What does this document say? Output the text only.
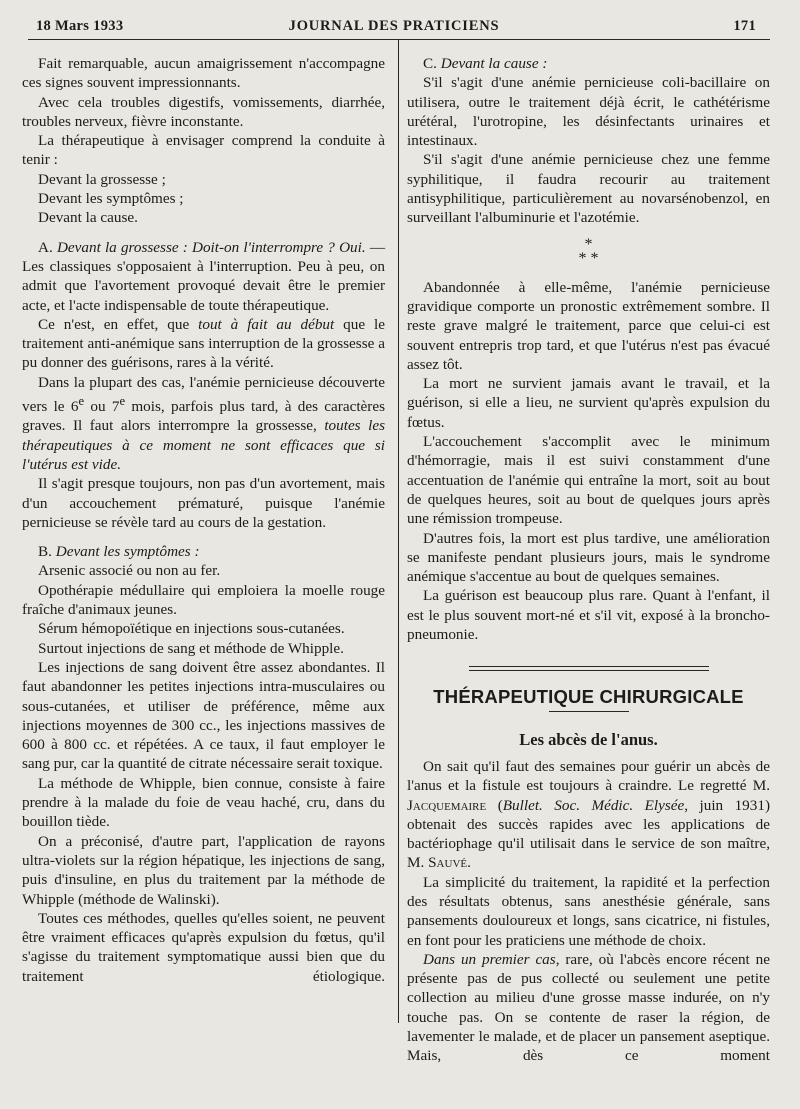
18 Mars 1933	JOURNAL DES PRATICIENS	171

Fait remarquable, aucun amaigrissement n'accompagne ces signes souvent impressionnants.

Avec cela troubles digestifs, vomissements, diarrhée, troubles nerveux, fièvre inconstante.

La thérapeutique à envisager comprend la conduite à tenir :

Devant la grossesse ;

Devant les symptômes ;

Devant la cause.

A. Devant la grossesse : Doit-on l'interrompre ? Oui. — Les classiques s'opposaient à l'interruption. Peu à peu, on admit que l'avortement provoqué devait être le premier acte, et l'acte indispensable de toute thérapeutique.

Ce n'est, en effet, que tout à fait au début que le traitement anti-anémique sans interruption de la grossesse a pu donner des guérisons, rares à la vérité.

Dans la plupart des cas, l'anémie pernicieuse découverte vers le 6e ou 7e mois, parfois plus tard, à des caractères graves. Il faut alors interrompre la grossesse, toutes les thérapeutiques à ce moment ne sont efficaces que si l'utérus est vide.

Il s'agit presque toujours, non pas d'un avortement, mais d'un accouchement prématuré, puisque l'anémie pernicieuse se révèle tard au cours de la gestation.

B. Devant les symptômes :

Arsenic associé ou non au fer.

Opothérapie médullaire qui emploiera la moelle rouge fraîche d'animaux jeunes.

Sérum hémopoïétique en injections sous-cutanées.

Surtout injections de sang et méthode de Whipple.

Les injections de sang doivent être assez abondantes. Il faut abandonner les petites injections intra-musculaires ou sous-cutanées, et utiliser de préférence, même aux injections moyennes de 300 cc., les injections massives de 600 à 800 cc. et répétées. A ce taux, il faut employer le sang pur, car la quantité de citrate nécessaire serait toxique.

La méthode de Whipple, bien connue, consiste à faire prendre à la malade du foie de veau haché, cru, dans du bouillon tiède.

On a préconisé, d'autre part, l'application de rayons ultra-violets sur la région hépatique, les injections de sang, puis d'insuline, en plus du traitement par la méthode de Whipple (méthode de Walinski).

Toutes ces méthodes, quelles qu'elles soient, ne peuvent être vraiment efficaces qu'après expulsion du fœtus, qu'il s'agisse du traitement symptomatique aussi bien que du traitement étiologique.

C. Devant la cause :

S'il s'agit d'une anémie pernicieuse coli-bacillaire on utilisera, outre le traitement déjà écrit, le cathétérisme urétéral, l'urotropine, les désinfectants urinaires et intestinaux.

S'il s'agit d'une anémie pernicieuse chez une femme syphilitique, il faudra recourir au traitement antisyphilitique, particulièrement au novarsénobenzol, en surveillant l'albuminurie et l'azotémie.

*
* *

Abandonnée à elle-même, l'anémie pernicieuse gravidique comporte un pronostic extrêmement sombre. Il reste grave malgré le traitement, parce que celui-ci est souvent entrepris trop tard, et que l'utérus n'est pas évacué assez tôt.

La mort ne survient jamais avant le travail, et la guérison, si elle a lieu, ne survient qu'après expulsion du fœtus.

L'accouchement s'accomplit avec le minimum d'hémorragie, mais il est suivi constamment d'une accentuation de l'anémie qui entraîne la mort, soit au bout de quelques heures, soit au bout de quelques jours après une rémission trompeuse.

D'autres fois, la mort est plus tardive, une amélioration se manifeste pendant plusieurs jours, mais le syndrome anémique s'accentue au bout de quelques semaines.

La guérison est beaucoup plus rare. Quant à l'enfant, il est le plus souvent mort-né et s'il vit, exposé à la broncho-pneumonie.

THÉRAPEUTIQUE CHIRURGICALE
Les abcès de l'anus.

On sait qu'il faut des semaines pour guérir un abcès de l'anus et la fistule est toujours à craindre. Le regretté M. Jacquemaire (Bullet. Soc. Médic. Elysée, juin 1931) obtenait des succès rapides avec les applications de bactériophage qu'il utilisait dans le service de son maître, M. Sauvé.

La simplicité du traitement, la rapidité et la perfection des résultats obtenus, sans anesthésie générale, sans pansements douloureux et longs, sans cicatrice, ni fistules, en font pour les praticiens une méthode de choix.

Dans un premier cas, rare, où l'abcès encore récent ne présente pas de pus collecté ou seulement une petite collection au milieu d'une grosse masse indurée, on n'y touche pas. On se contente de raser la région, de lavementer le malade, et de placer un pansement aseptique. Mais, dès ce moment
